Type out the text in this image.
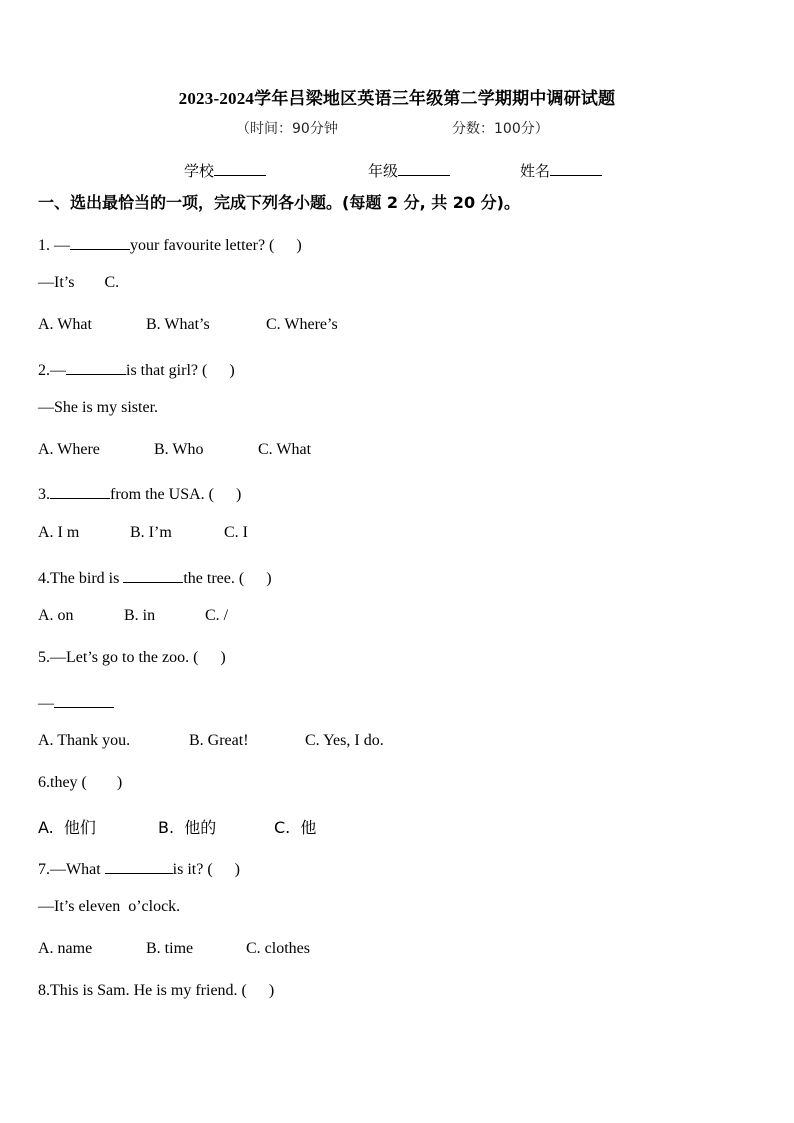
2023-2024学年吕梁地区英语三年级第二学期期中调研试题
（时间：90分钟	分数：100分）
学校	年级	姓名
一、选出最恰当的一项，完成下列各小题。(每题 2 分, 共 20 分)。
1. —	your favourite letter? ( )
—It’s C.
A. What	B. What’s	C. Where’s
2.—	is that girl? ( )
—She is my sister.
A. Where	B. Who	C. What
3.	from the USA. ( )
A. I m	B. I’m	C. I
4.The bird is	the tree. ( )
A. on	B. in	C. /
5.—Let’s go to the zoo. ( )
—
A. Thank you.	B. Great!	C. Yes, I do.
6.they ( )
A.  他们	B.  他的	C.  他
7.—What	is it? ( )
—It’s eleven  o’clock.
A. name	B. time	C. clothes
8.This is Sam. He is my friend. ( )
